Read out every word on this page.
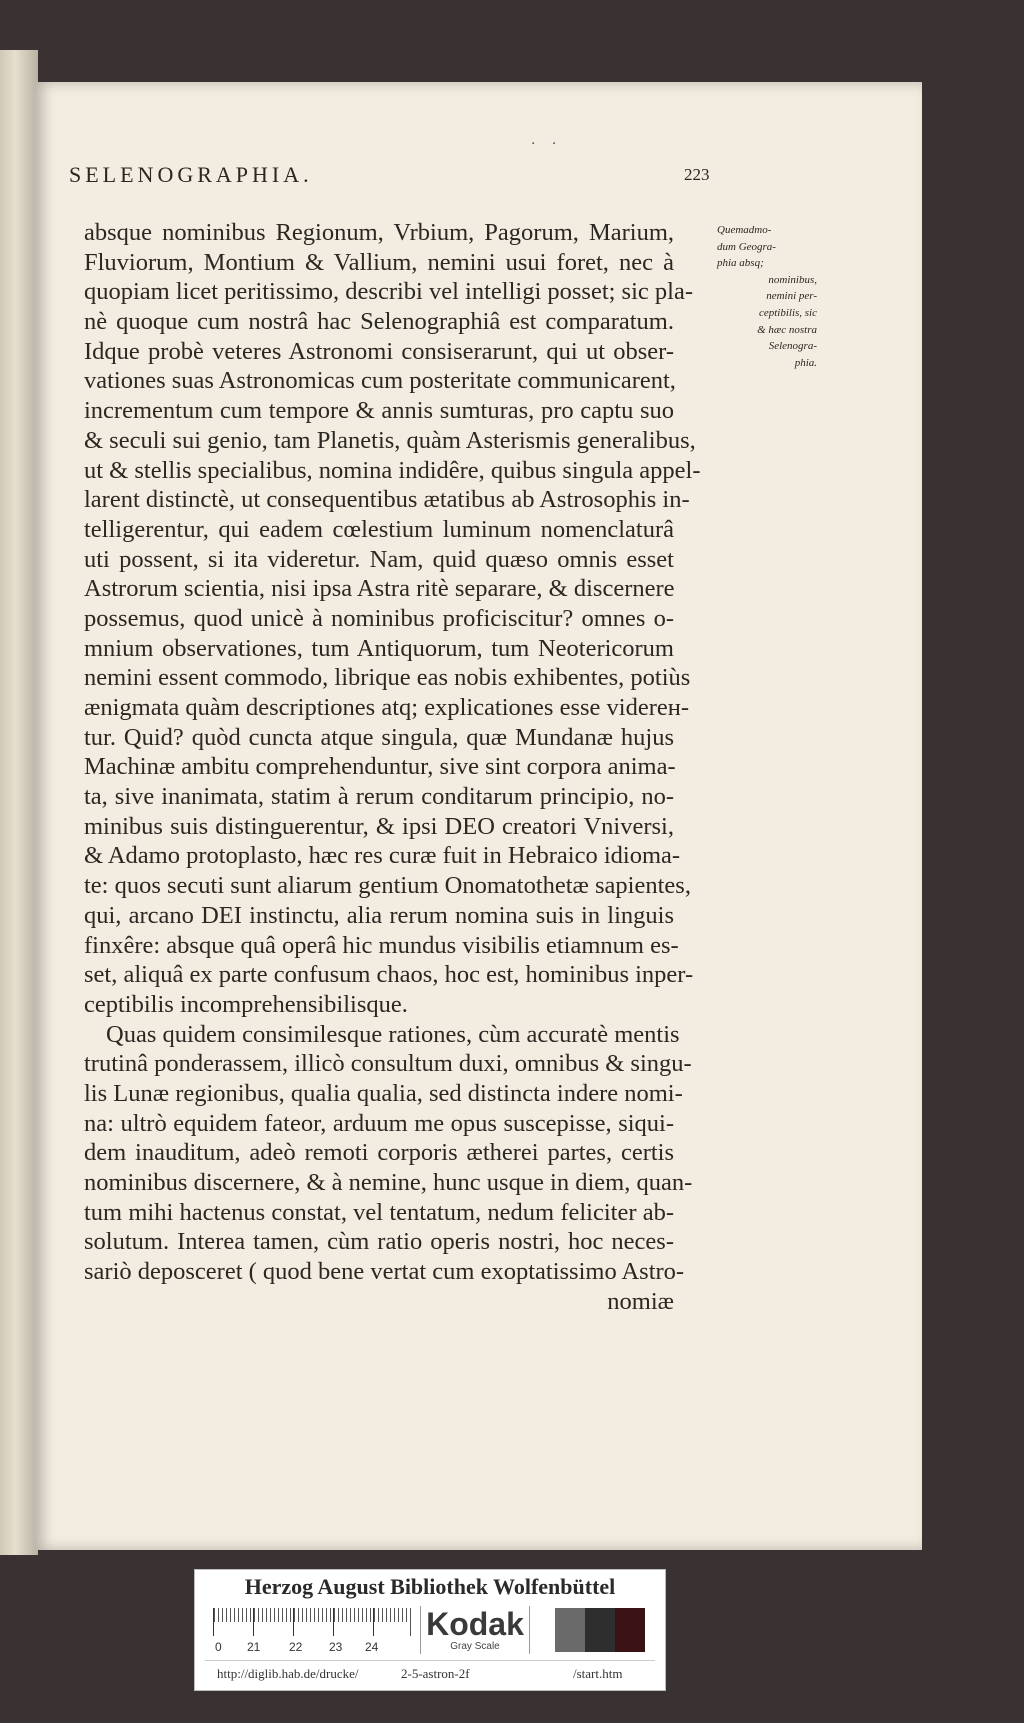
· ·
SELENOGRAPHIA.	223
absque nominibus Regionum, Vrbium, Pagorum, Marium,
Fluviorum, Montium & Vallium, nemini usui foret, nec à
quopiam licet peritissimo, describi vel intelligi posset; sic pla-
nè quoque cum nostrâ hac Selenographiâ est comparatum.
Idque probè veteres Astronomi consiserarunt, qui ut obser-
vationes suas Astronomicas cum posteritate communicarent,
incrementum cum tempore & annis sumturas, pro captu suo
& seculi sui genio, tam Planetis, quàm Asterismis generalibus,
ut & stellis specialibus, nomina indidêre, quibus singula appel-
larent distinctè, ut consequentibus ætatibus ab Astrosophis in-
telligerentur, qui eadem cœlestium luminum nomenclaturâ
uti possent, si ita videretur. Nam, quid quæso omnis esset
Astrorum scientia, nisi ipsa Astra ritè separare, & discernere
possemus, quod unicè à nominibus proficiscitur? omnes o-
mnium observationes, tum Antiquorum, tum Neotericorum
nemini essent commodo, librique eas nobis exhibentes, potiùs
ænigmata quàm descriptiones atq; explicationes esse viderен-
tur. Quid? quòd cuncta atque singula, quæ Mundanæ hujus
Machinæ ambitu comprehenduntur, sive sint corpora anima-
ta, sive inanimata, statim à rerum conditarum principio, no-
minibus suis distinguerentur, & ipsi DEO creatori Vniversi,
& Adamo protoplasto, hæc res curæ fuit in Hebraico idioma-
te: quos secuti sunt aliarum gentium Onomatothetæ sapientes,
qui, arcano DEI instinctu, alia rerum nomina suis in linguis
finxêre: absque quâ operâ hic mundus visibilis etiamnum es-
set, aliquâ ex parte confusum chaos, hoc est, hominibus inper-
ceptibilis incomprehensibilisque.
Quas quidem consimilesque rationes, cùm accuratè mentis
trutinâ ponderassem, illicò consultum duxi, omnibus & singu-
lis Lunæ regionibus, qualia qualia, sed distincta indere nomi-
na: ultrò equidem fateor, arduum me opus suscepisse, siqui-
dem inauditum, adeò remoti corporis ætherei partes, certis
nominibus discernere, & à nemine, hunc usque in diem, quan-
tum mihi hactenus constat, vel tentatum, nedum feliciter ab-
solutum. Interea tamen, cùm ratio operis nostri, hoc neces-
sariò deposceret ( quod bene vertat cum exoptatissimo Astro-
nomiæ
Quemadmo-
dum Geogra-
phia absq;
nominibus,
nemini per-
ceptibilis, sic
& hæc nostra
Selenogra-
phia.
Herzog August Bibliothek Wolfenbüttel
0 21 22 23 24
Kodak
Gray Scale
http://diglib.hab.de/drucke/	2-5-astron-2f	/start.htm
